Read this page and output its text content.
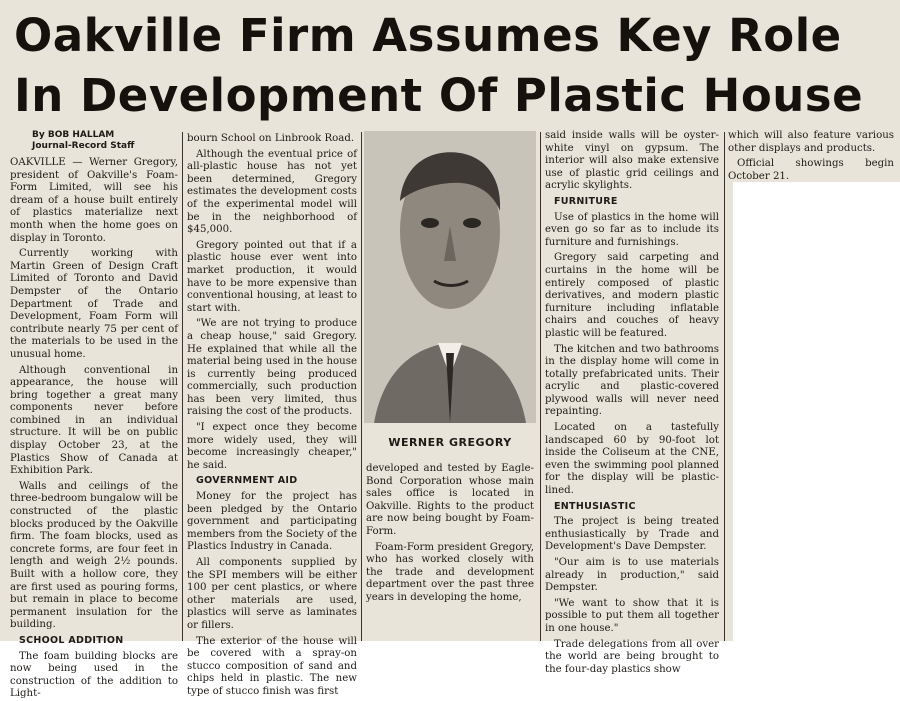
Oakville Firm Assumes Key Role
In Development Of Plastic House
By BOB HALLAM
Journal-Record Staff

OAKVILLE — Werner Gregory, president of Oakville's Foam-Form Limited, will see his dream of a house built entirely of plastics materialize next month when the home goes on display in Toronto.

Currently working with Martin Green of Design Craft Limited of Toronto and David Dempster of the Ontario Department of Trade and Development, Foam Form will contribute nearly 75 per cent of the materials to be used in the unusual home.

Although conventional in appearance, the house will bring together a great many components never before combined in an individual structure. It will be on public display October 23, at the Plastics Show of Canada at Exhibition Park.

Walls and ceilings of the three-bedroom bungalow will be constructed of the plastic blocks produced by the Oakville firm. The foam blocks, used as concrete forms, are four feet in length and weigh 2½ pounds. Built with a hollow core, they are first used as pouring forms, but remain in place to become permanent insulation for the building.

SCHOOL ADDITION

The foam building blocks are now being used in the construction of the addition to Light-

bourn School on Linbrook Road.

Although the eventual price of all-plastic house has not yet been determined, Gregory estimates the development costs of the experimental model will be in the neighborhood of $45,000.

Gregory pointed out that if a plastic house ever went into market production, it would have to be more expensive than conventional housing, at least to start with.

"We are not trying to produce a cheap house," said Gregory. He explained that while all the material being used in the house is currently being produced commercially, such production has been very limited, thus raising the cost of the products.

"I expect once they become more widely used, they will become increasingly cheaper," he said.

GOVERNMENT AID

Money for the project has been pledged by the Ontario government and participating members from the Society of the Plastics Industry in Canada.

All components supplied by the SPI members will be either 100 per cent plastics, or where other materials are used, plastics will serve as laminates or fillers.

The exterior of the house will be covered with a spray-on stucco composition of sand and chips held in plastic. The new type of stucco finish was first

WERNER GREGORY

developed and tested by Eagle-Bond Corporation whose main sales office is located in Oakville. Rights to the product are now being bought by Foam-Form.

Foam-Form president Gregory, who has worked closely with the trade and development department over the past three years in developing the home,

said inside walls will be oyster-white vinyl on gypsum. The interior will also make extensive use of plastic grid ceilings and acrylic skylights.

FURNITURE

Use of plastics in the home will even go so far as to include its furniture and furnishings.

Gregory said carpeting and curtains in the home will be entirely composed of plastic derivatives, and modern plastic furniture including inflatable chairs and couches of heavy plastic will be featured.

The kitchen and two bathrooms in the display home will come in totally prefabricated units. Their acrylic and plastic-covered plywood walls will never need repainting.

Located on a tastefully landscaped 60 by 90-foot lot inside the Coliseum at the CNE, even the swimming pool planned for the display will be plastic-lined.

ENTHUSIASTIC

The project is being treated enthusiastically by Trade and Development's Dave Dempster.

"Our aim is to use materials already in production," said Dempster.

"We want to show that it is possible to put them all together in one house."

Trade delegations from all over the world are being brought to the four-day plastics show

which will also feature various other displays and products.

Official showings begin October 21.
